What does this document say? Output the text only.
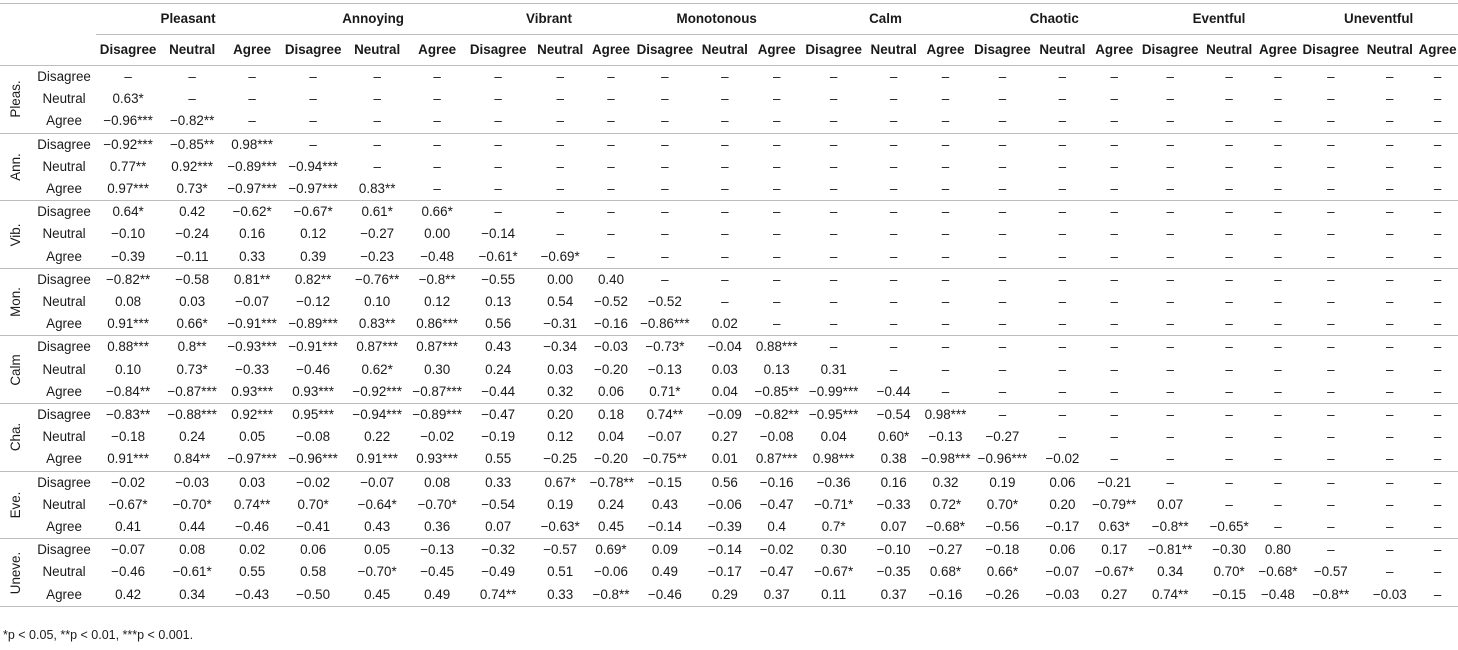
		Pleasant			Annoying			Vibrant			Monotonous			Calm			Chaotic			Eventful			Uneventful		
		Disagree	Neutral	Agree	Disagree	Neutral	Agree	Disagree	Neutral	Agree	Disagree	Neutral	Agree	Disagree	Neutral	Agree	Disagree	Neutral	Agree	Disagree	Neutral	Agree	Disagree	Neutral	Agree

Pleas.	Disagree	–	–	–	–	–	–	–	–	–	–	–	–	–	–	–	–	–	–	–	–	–	–	–	–
	Neutral	0.63*	–	–	–	–	–	–	–	–	–	–	–	–	–	–	–	–	–	–	–	–	–	–	–
	Agree	−0.96***	−0.82**	–	–	–	–	–	–	–	–	–	–	–	–	–	–	–	–	–	–	–	–	–	–

Ann.	Disagree	−0.92***	−0.85**	0.98***	–	–	–	–	–	–	–	–	–	–	–	–	–	–	–	–	–	–	–	–	–
	Neutral	0.77**	0.92***	−0.89***	−0.94***	–	–	–	–	–	–	–	–	–	–	–	–	–	–	–	–	–	–	–	–
	Agree	0.97***	0.73*	−0.97***	−0.97***	0.83**	–	–	–	–	–	–	–	–	–	–	–	–	–	–	–	–	–	–	–

Vib.	Disagree	0.64*	0.42	−0.62*	−0.67*	0.61*	0.66*	–	–	–	–	–	–	–	–	–	–	–	–	–	–	–	–	–	–
	Neutral	−0.10	−0.24	0.16	0.12	−0.27	0.00	−0.14	–	–	–	–	–	–	–	–	–	–	–	–	–	–	–	–	–
	Agree	−0.39	−0.11	0.33	0.39	−0.23	−0.48	−0.61*	−0.69*	–	–	–	–	–	–	–	–	–	–	–	–	–	–	–	–

Mon.	Disagree	−0.82**	−0.58	0.81**	0.82**	−0.76**	−0.8**	−0.55	0.00	0.40	–	–	–	–	–	–	–	–	–	–	–	–	–	–	–
	Neutral	0.08	0.03	−0.07	−0.12	0.10	0.12	0.13	0.54	−0.52	−0.52	–	–	–	–	–	–	–	–	–	–	–	–	–	–
	Agree	0.91***	0.66*	−0.91***	−0.89***	0.83**	0.86***	0.56	−0.31	−0.16	−0.86***	0.02	–	–	–	–	–	–	–	–	–	–	–	–	–

Calm	Disagree	0.88***	0.8**	−0.93***	−0.91***	0.87***	0.87***	0.43	−0.34	−0.03	−0.73*	−0.04	0.88***	–	–	–	–	–	–	–	–	–	–	–	–
	Neutral	0.10	0.73*	−0.33	−0.46	0.62*	0.30	0.24	0.03	−0.20	−0.13	0.03	0.13	0.31	–	–	–	–	–	–	–	–	–	–	–
	Agree	−0.84**	−0.87***	0.93***	0.93***	−0.92***	−0.87***	−0.44	0.32	0.06	0.71*	0.04	−0.85**	−0.99***	−0.44	–	–	–	–	–	–	–	–	–	–

Cha.	Disagree	−0.83**	−0.88***	0.92***	0.95***	−0.94***	−0.89***	−0.47	0.20	0.18	0.74**	−0.09	−0.82**	−0.95***	−0.54	0.98***	–	–	–	–	–	–	–	–	–
	Neutral	−0.18	0.24	0.05	−0.08	0.22	−0.02	−0.19	0.12	0.04	−0.07	0.27	−0.08	0.04	0.60*	−0.13	−0.27	–	–	–	–	–	–	–	–
	Agree	0.91***	0.84**	−0.97***	−0.96***	0.91***	0.93***	0.55	−0.25	−0.20	−0.75**	0.01	0.87***	0.98***	0.38	−0.98***	−0.96***	−0.02	–	–	–	–	–	–	–

Eve.	Disagree	−0.02	−0.03	0.03	−0.02	−0.07	0.08	0.33	0.67*	−0.78**	−0.15	0.56	−0.16	−0.36	0.16	0.32	0.19	0.06	−0.21	–	–	–	–	–	–
	Neutral	−0.67*	−0.70*	0.74**	0.70*	−0.64*	−0.70*	−0.54	0.19	0.24	0.43	−0.06	−0.47	−0.71*	−0.33	0.72*	0.70*	0.20	−0.79**	0.07	–	–	–	–	–
	Agree	0.41	0.44	−0.46	−0.41	0.43	0.36	0.07	−0.63*	0.45	−0.14	−0.39	0.4	0.7*	0.07	−0.68*	−0.56	−0.17	0.63*	−0.8**	−0.65*	–	–	–	–

Uneve.	Disagree	−0.07	0.08	0.02	0.06	0.05	−0.13	−0.32	−0.57	0.69*	0.09	−0.14	−0.02	0.30	−0.10	−0.27	−0.18	0.06	0.17	−0.81**	−0.30	0.80	–	–	–
	Neutral	−0.46	−0.61*	0.55	0.58	−0.70*	−0.45	−0.49	0.51	−0.06	0.49	−0.17	−0.47	−0.67*	−0.35	0.68*	0.66*	−0.07	−0.67*	0.34	0.70*	−0.68*	−0.57	–	–
	Agree	0.42	0.34	−0.43	−0.50	0.45	0.49	0.74**	0.33	−0.8**	−0.46	0.29	0.37	0.11	0.37	−0.16	−0.26	−0.03	0.27	0.74**	−0.15	−0.48	−0.8**	−0.03	–
*p < 0.05, **p < 0.01, ***p < 0.001.
